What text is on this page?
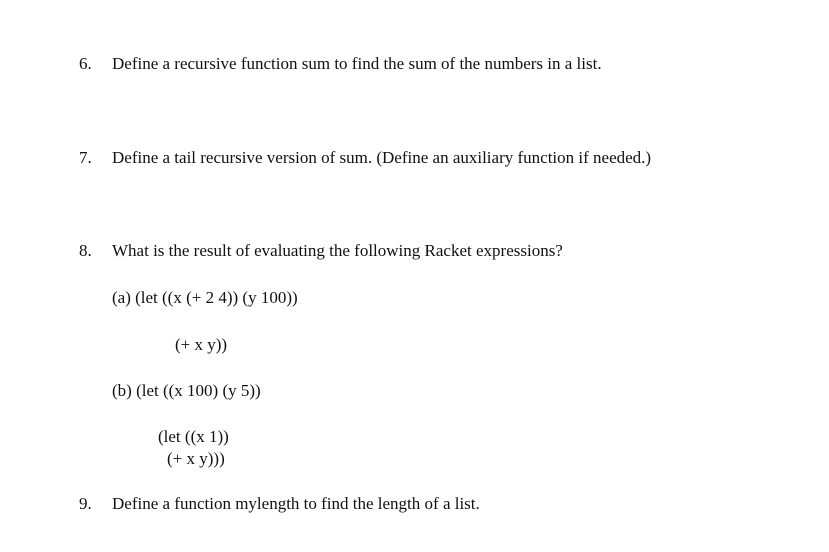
6. Define a recursive function sum to find the sum of the numbers in a list.
7. Define a tail recursive version of sum. (Define an auxiliary function if needed.)
8. What is the result of evaluating the following Racket expressions?
(a) (let ((x (+ 2 4)) (y 100))
(+ x y))
(b) (let ((x 100) (y 5))
(let ((x 1))
(+ x y)))
9. Define a function mylength to find the length of a list.
